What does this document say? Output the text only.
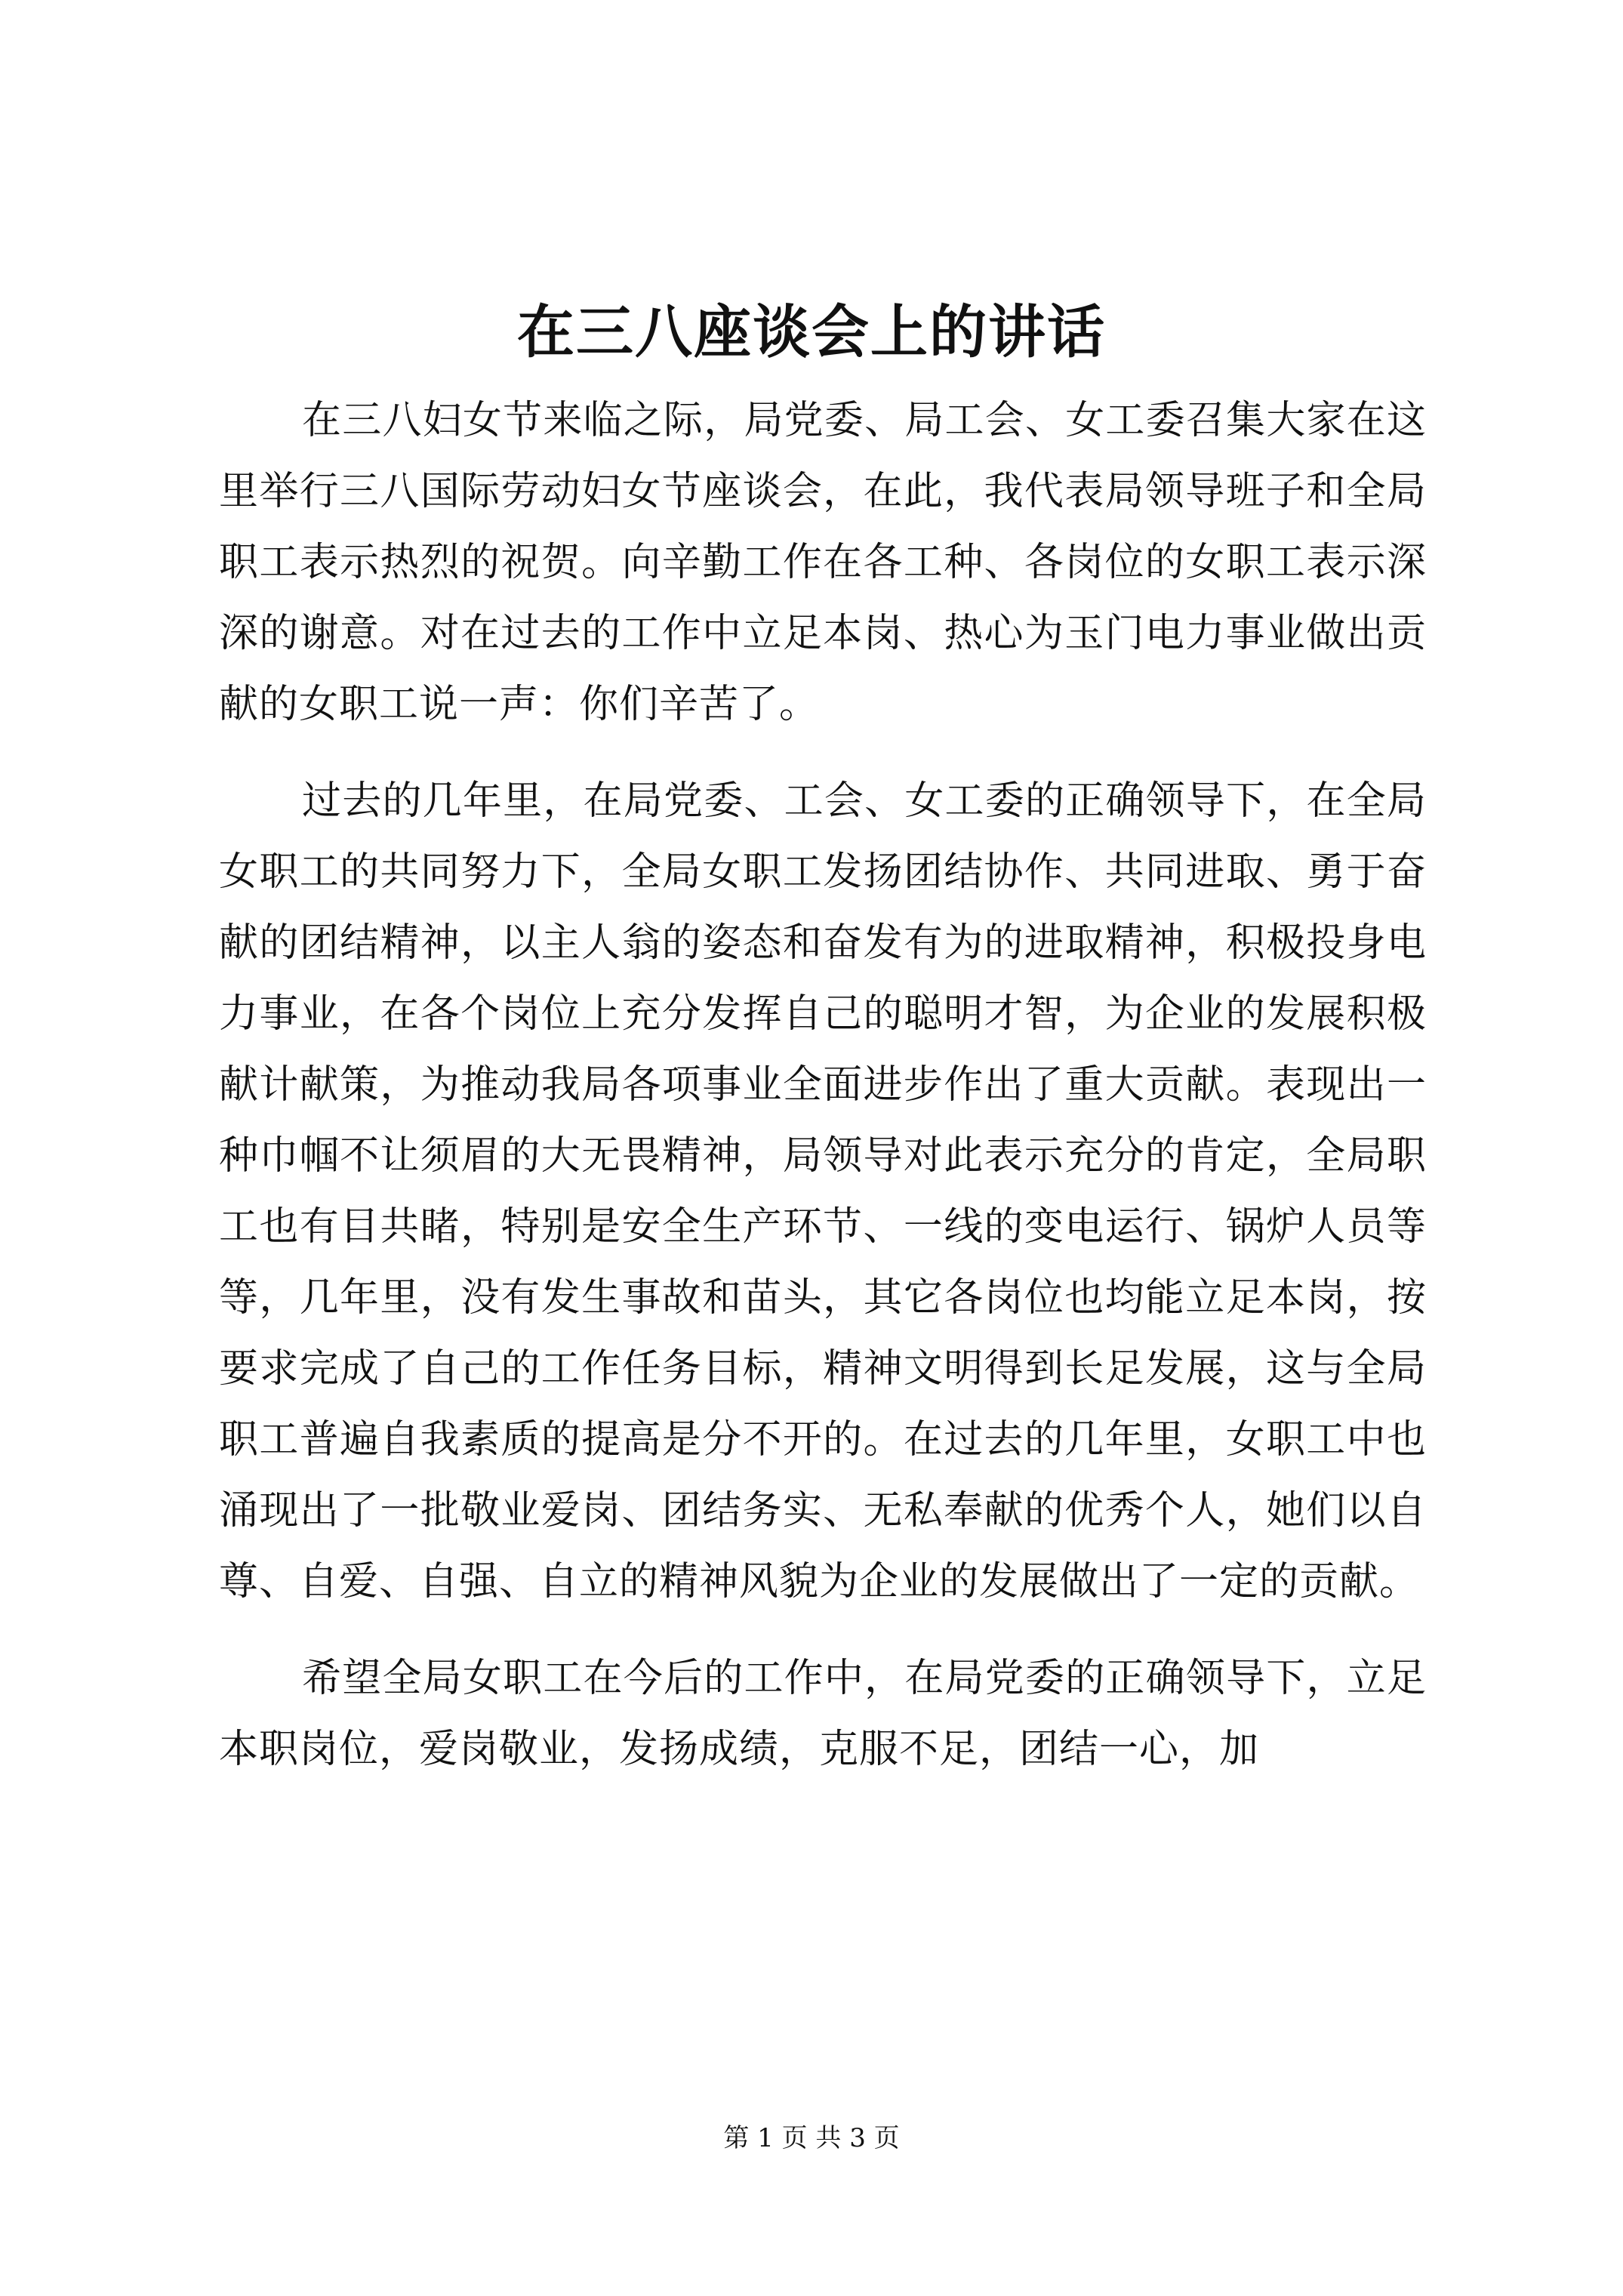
在三八座谈会上的讲话

在三八妇女节来临之际，局党委、局工会、女工委召集大家在这里举行三八国际劳动妇女节座谈会，在此，我代表局领导班子和全局职工表示热烈的祝贺。向辛勤工作在各工种、各岗位的女职工表示深深的谢意。对在过去的工作中立足本岗、热心为玉门电力事业做出贡献的女职工说一声：你们辛苦了。

过去的几年里，在局党委、工会、女工委的正确领导下，在全局女职工的共同努力下，全局女职工发扬团结协作、共同进取、勇于奋献的团结精神，以主人翁的姿态和奋发有为的进取精神，积极投身电力事业，在各个岗位上充分发挥自己的聪明才智，为企业的发展积极献计献策，为推动我局各项事业全面进步作出了重大贡献。表现出一种巾帼不让须眉的大无畏精神，局领导对此表示充分的肯定，全局职工也有目共睹，特别是安全生产环节、一线的变电运行、锅炉人员等等，几年里，没有发生事故和苗头，其它各岗位也均能立足本岗，按要求完成了自己的工作任务目标，精神文明得到长足发展，这与全局职工普遍自我素质的提高是分不开的。在过去的几年里，女职工中也涌现出了一批敬业爱岗、团结务实、无私奉献的优秀个人，她们以自尊、自爱、自强、自立的精神风貌为企业的发展做出了一定的贡献。

希望全局女职工在今后的工作中，在局党委的正确领导下，立足本职岗位，爱岗敬业，发扬成绩，克服不足，团结一心，加

第 1 页 共 3 页
